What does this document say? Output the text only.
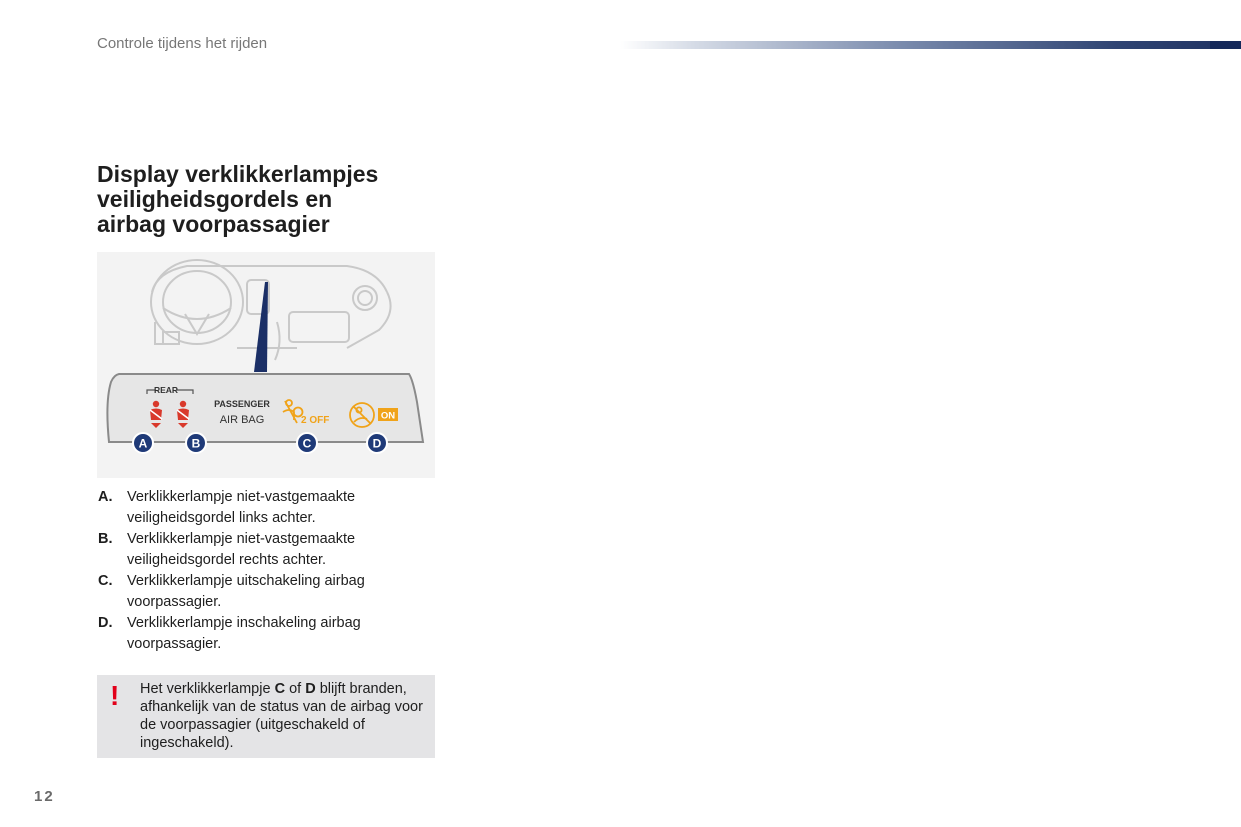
Controle tijdens het rijden
Display verklikkerlampjes
veiligheidsgordels en
airbag voorpassagier
REAR
PASSENGER
AIR BAG	2 OFF	ON
A	B	C	D
A. Verklikkerlampje niet-vastgemaakte
veiligheidsgordel links achter.
B. Verklikkerlampje niet-vastgemaakte
veiligheidsgordel rechts achter.
C. Verklikkerlampje uitschakeling airbag
voorpassagier.
D. Verklikkerlampje inschakeling airbag
voorpassagier.
! Het verklikkerlampje C of D blijft branden, afhankelijk van de status van de airbag voor de voorpassagier (uitgeschakeld of ingeschakeld).
12
